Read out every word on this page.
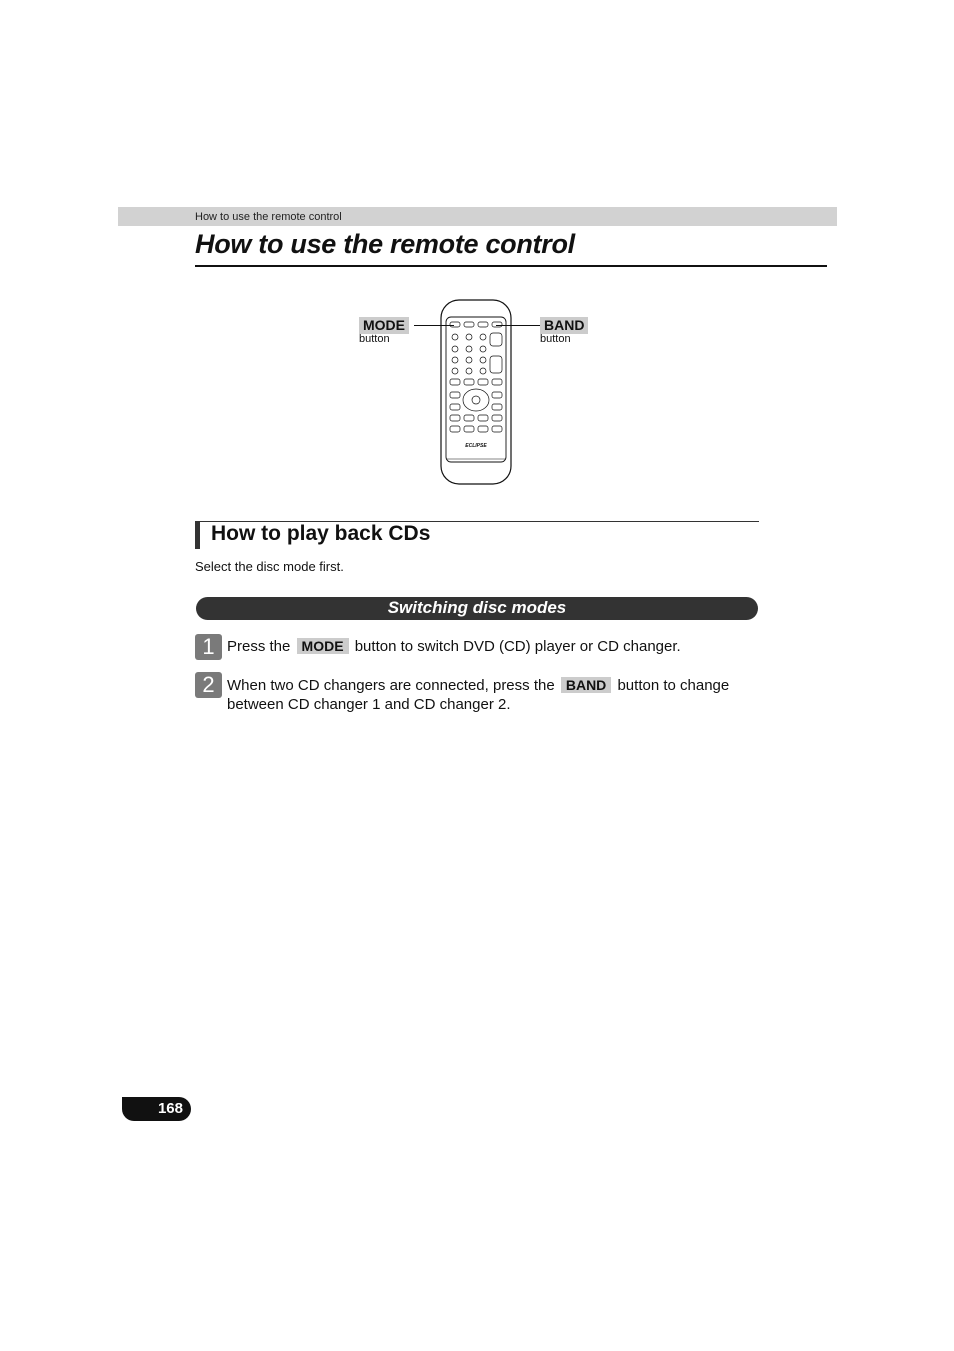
How to use the remote control
How to use the remote control
ECLIPSE
MODE
button
BAND
button
How to play back CDs
Select the disc mode first.
Switching disc modes
1 Press the MODE button to switch DVD (CD) player or CD changer.
2 When two CD changers are connected, press the BAND button to change between CD changer 1 and CD changer 2.
168
